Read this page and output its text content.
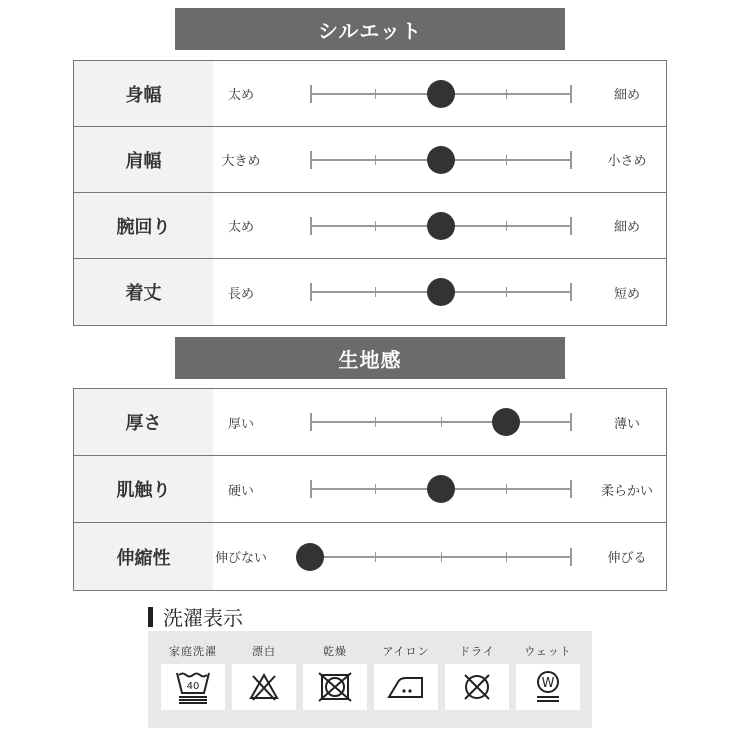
シルエット
身幅	太め	細め
肩幅	大きめ	小さめ
腕回り	太め	細め
着丈	長め	短め
生地感
厚さ	厚い	薄い
肌触り	硬い	柔らかい
伸縮性	伸びない	伸びる
洗濯表示
家庭洗濯
40
漂白	乾燥	アイロン	ドライ	ウェット
W
